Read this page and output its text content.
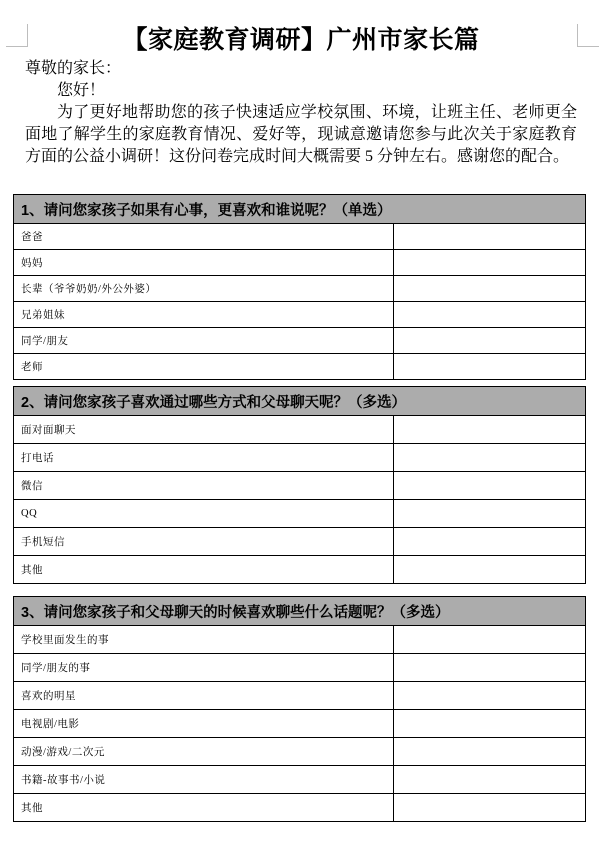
【家庭教育调研】广州市家长篇

尊敬的家长：

您好！

为了更好地帮助您的孩子快速适应学校氛围、环境，让班主任、老师更全面地了解学生的家庭教育情况、爱好等，现诚意邀请您参与此次关于家庭教育方面的公益小调研！这份问卷完成时间大概需要 5 分钟左右。感谢您的配合。

1、请问您家孩子如果有心事，更喜欢和谁说呢？（单选）	
爸爸	
妈妈	
长辈（爷爷奶奶/外公外婆）	
兄弟姐妹	
同学/朋友	
老师	
2、请问您家孩子喜欢通过哪些方式和父母聊天呢？（多选）	
面对面聊天	
打电话	
微信	
QQ	
手机短信	
其他	
3、请问您家孩子和父母聊天的时候喜欢聊些什么话题呢？（多选）	
学校里面发生的事	
同学/朋友的事	
喜欢的明星	
电视剧/电影	
动漫/游戏/二次元	
书籍-故事书/小说	
其他	
